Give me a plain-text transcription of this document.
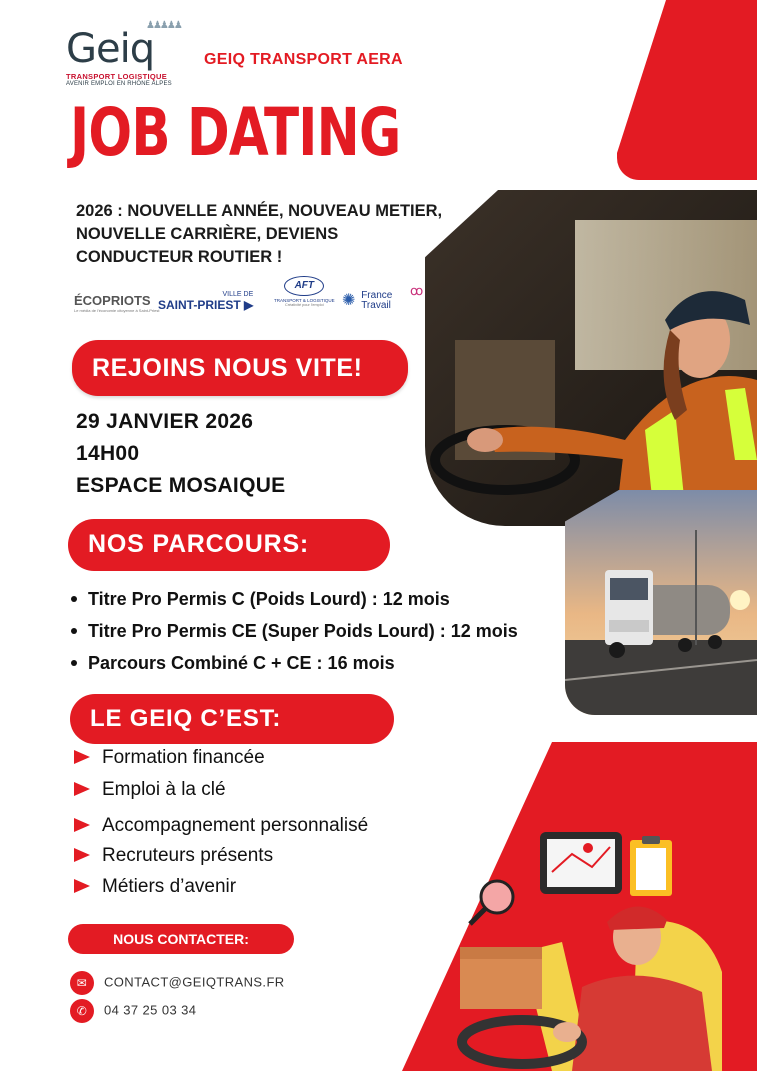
♟♟♟♟♟
Geiq
TRANSPORT LOGISTIQUE
AVENIR EMPLOI EN RHÔNE ALPES
GEIQ TRANSPORT AERA
JOB DATING
2026 : NOUVELLE ANNÉE, NOUVEAU METIER,
NOUVELLE CARRIÈRE, DEVIENS
CONDUCTEUR ROUTIER !
ÉCOPRIOTS
Le média de l'économie citoyenne à Saint-Priest
VILLE DE
SAINT-PRIEST ▶
AFT
TRANSPORT & LOGISTIQUE
Créativité pour l'emploi	✺ France
Travail
ꝏ
REJOINS NOUS VITE!
29 JANVIER 2026
14H00
ESPACE MOSAIQUE
NOS PARCOURS:
Titre Pro Permis C (Poids Lourd) : 12 mois
Titre Pro Permis CE (Super Poids Lourd) : 12 mois
Parcours Combiné C + CE : 16 mois
LE GEIQ C’EST:
Formation financée
Emploi à la clé
Accompagnement personnalisé
Recruteurs présents
Métiers d’avenir
NOUS CONTACTER:
✉ CONTACT@GEIQTRANS.FR
✆ 04 37 25 03 34
